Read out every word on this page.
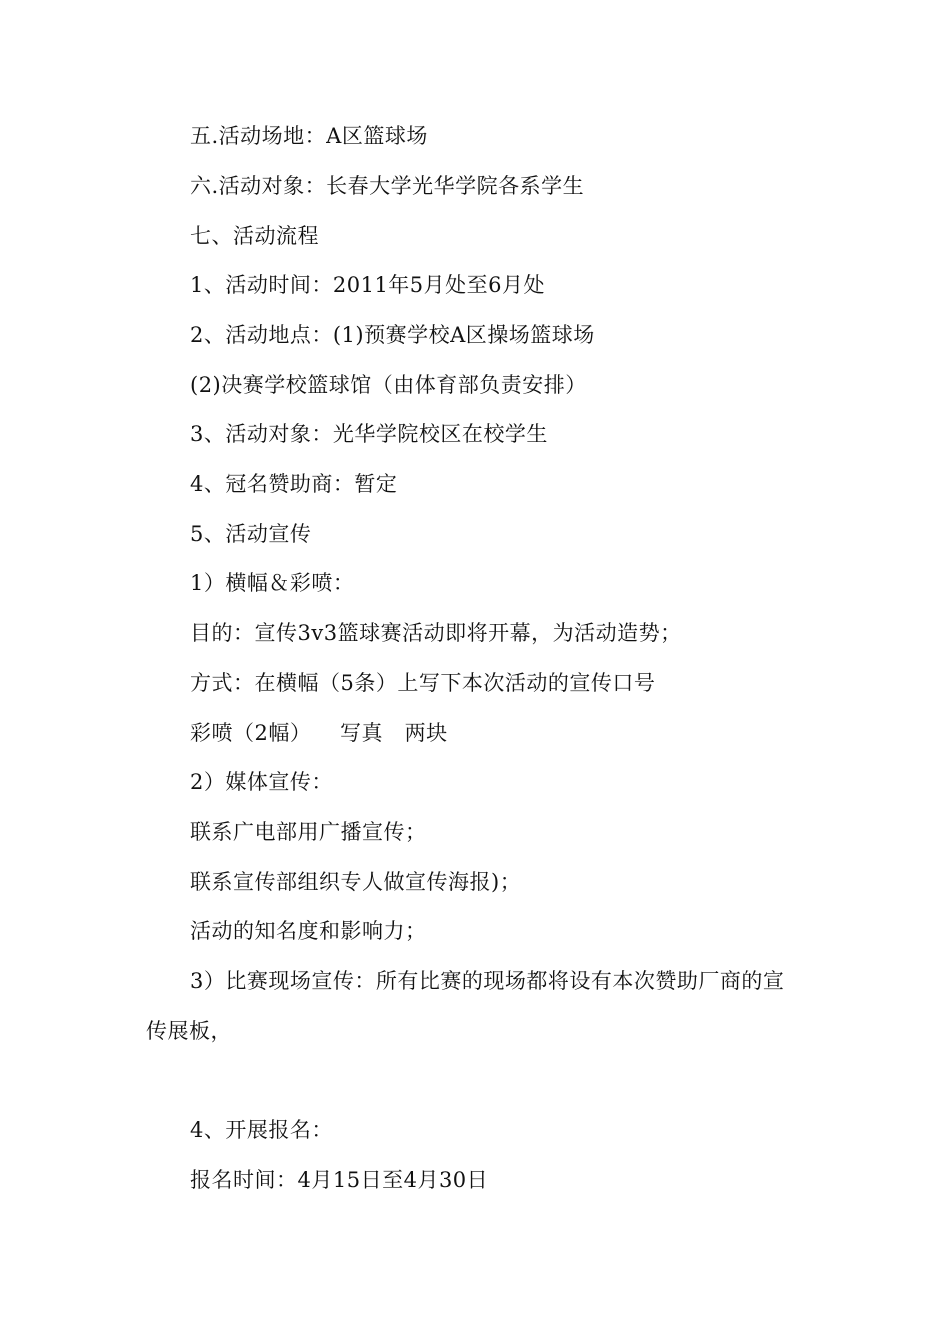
五.活动场地：A区篮球场
六.活动对象：长春大学光华学院各系学生
七、活动流程
1、活动时间：2011年5月处至6月处
2、活动地点：(1)预赛学校A区操场篮球场
(2)决赛学校篮球馆（由体育部负责安排）
3、活动对象：光华学院校区在校学生
4、冠名赞助商：暂定
5、活动宣传
1）横幅＆彩喷：
目的：宣传3v3篮球赛活动即将开幕，为活动造势；
方式：在横幅（5条）上写下本次活动的宣传口号
彩喷（2幅）    写真   两块
2）媒体宣传：
联系广电部用广播宣传；
联系宣传部组织专人做宣传海报)；
活动的知名度和影响力；
3）比赛现场宣传：所有比赛的现场都将设有本次赞助厂商的宣
传展板，
4、开展报名：
报名时间：4月15日至4月30日
